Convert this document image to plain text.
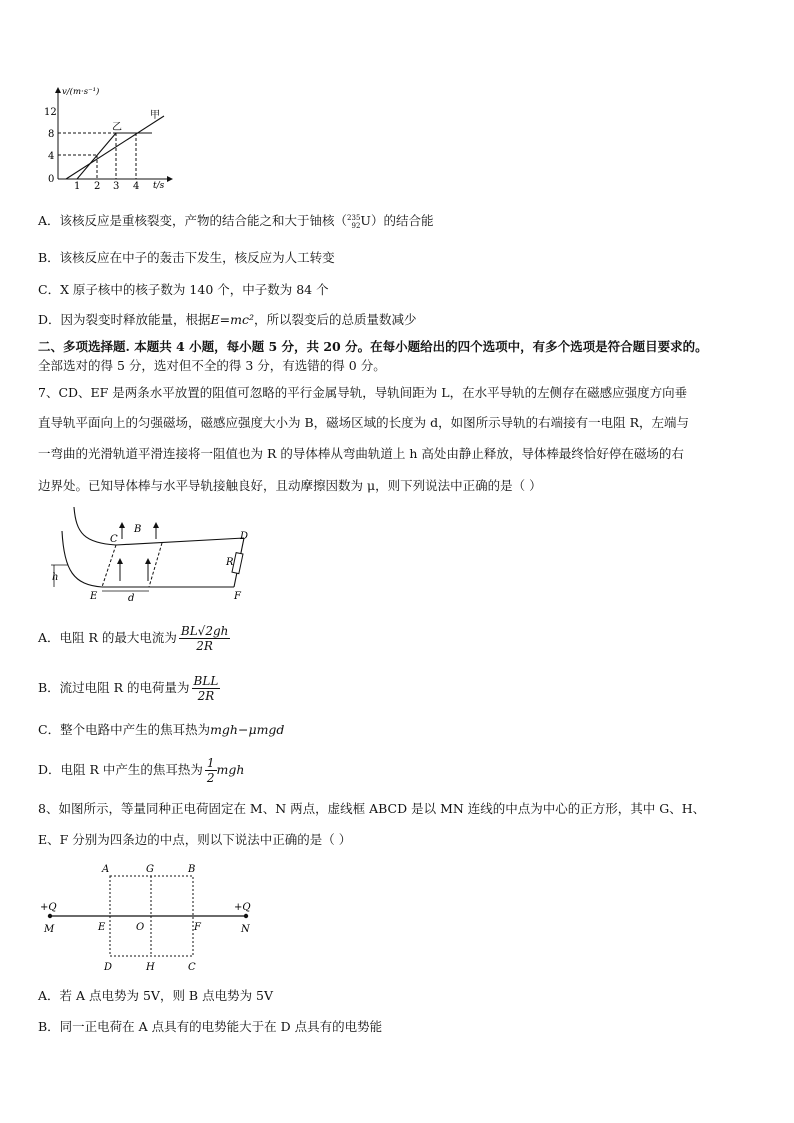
v/(m·s⁻¹)
12
8
4
0
1 2 3 4 t/s
乙
甲
A．该核反应是重核裂变，产物的结合能之和大于铀核（ 235
92 U）的结合能
B．该核反应在中子的轰击下发生，核反应为人工转变
C．X 原子核中的核子数为 140 个，中子数为 84 个
D．因为裂变时释放能量，根据E=mc²，所以裂变后的总质量数减少
二、多项选择题. 本题共 4 小题，每小题 5 分，共 20 分。在每小题给出的四个选项中，有多个选项是符合题目要求的。
全部选对的得 5 分，选对但不全的得 3 分，有选错的得 0 分。
7、CD、EF 是两条水平放置的阻值可忽略的平行金属导轨，导轨间距为 L，在水平导轨的左侧存在磁感应强度方向垂
直导轨平面向上的匀强磁场，磁感应强度大小为 B，磁场区域的长度为 d，如图所示导轨的右端接有一电阻 R，左端与
一弯曲的光滑轨道平滑连接将一阻值也为 R 的导体棒从弯曲轨道上 h 高处由静止释放，导体棒最终恰好停在磁场的右
边界处。已知导体棒与水平导轨接触良好，且动摩擦因数为 μ，则下列说法中正确的是（ ）
C
B
D
R
h
E	d	F
A．电阻 R 的最大电流为 $\frac{BL√2gh}{2R}$
B．流过电阻 R 的电荷量为 $\frac{\text{BLL}}{2R}$
C．整个电路中产生的焦耳热为mgh−μmgd
D．电阻 R 中产生的焦耳热为 $\frac{1}{2}$ mgh
8、如图所示，等量同种正电荷固定在 M、N 两点，虚线框 ABCD 是以 MN 连线的中点为中心的正方形，其中 G、H、
E、F 分别为四条边的中点，则以下说法中正确的是（ ）
A	G	B
+Q	+Q
M	E	O	F	N
D	H	C
A．若 A 点电势为 5V，则 B 点电势为 5V
B．同一正电荷在 A 点具有的电势能大于在 D 点具有的电势能
